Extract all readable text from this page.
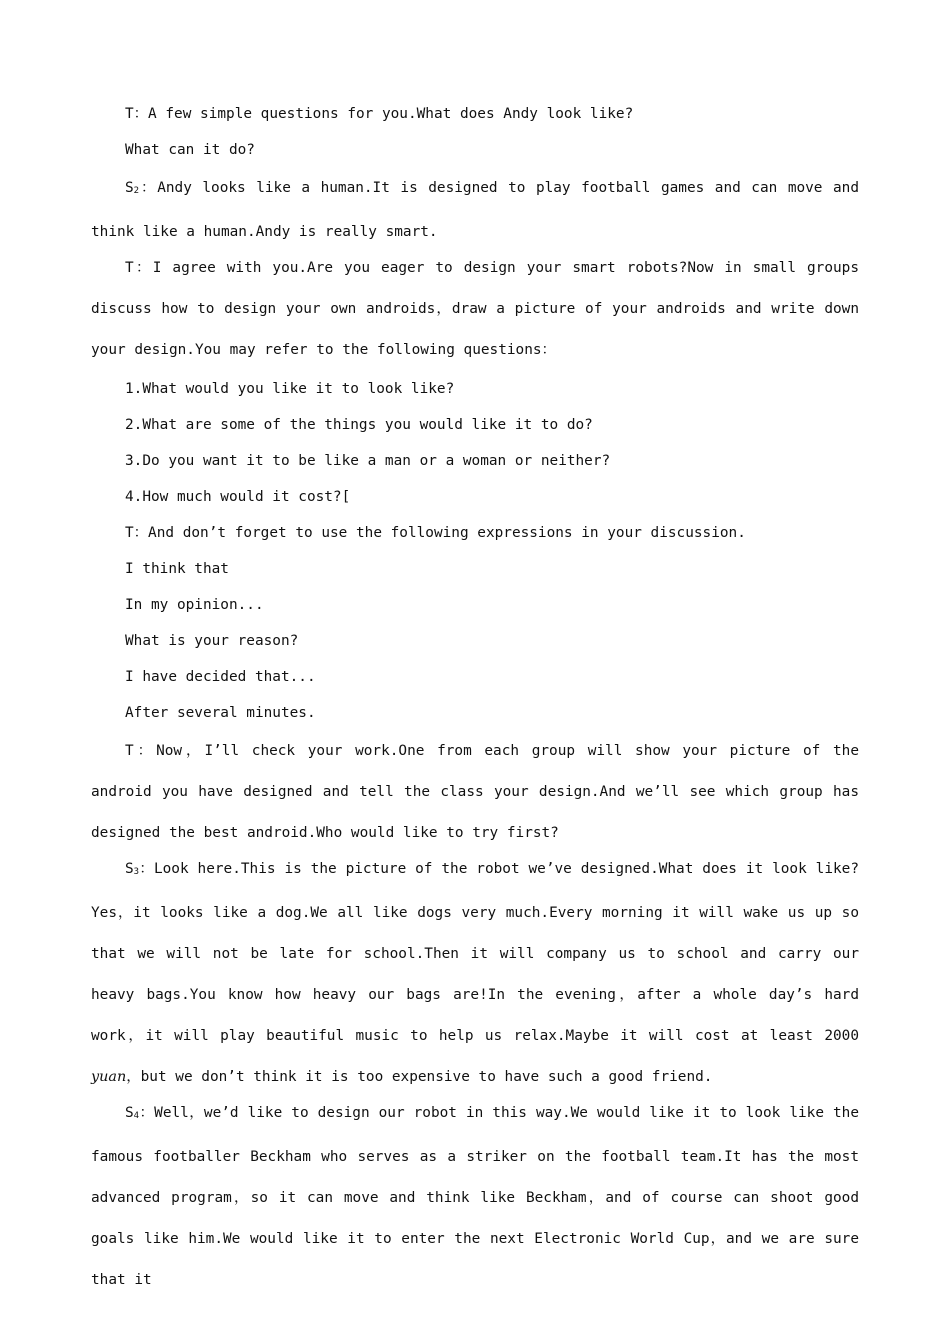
T：A few simple questions for you.What does Andy look like?

What can it do?

$S_2$：Andy looks like a human.It is designed to play football games and can move and think like a human.Andy is really smart.

T：I agree with you.Are you eager to design your smart robots?Now in small groups discuss how to design your own androids，draw a picture of your androids and write down your design.You may refer to the following questions：

1.What would you like it to look like?

2.What are some of the things you would like it to do?

3.Do you want it to be like a man or a woman or neither?

4.How much would it cost?[

T：And don’t forget to use the following expressions in your discussion.

I think that

In my opinion...

What is your reason?

I have decided that...

After several minutes.

T：Now，I’ll check your work.One from each group will show your picture of the android you have designed and tell the class your design.And we’ll see which group has designed the best android.Who would like to try first?

$S_3$：Look here.This is the picture of the robot we’ve designed.What does it look like? Yes，it looks like a dog.We all like dogs very much.Every morning it will wake us up so that we will not be late for school.Then it will company us to school and carry our heavy bags.You know how heavy our bags are!In the evening，after a whole day’s hard work，it will play beautiful music to help us relax.Maybe it will cost at least 2000 yuan，but we don’t think it is too expensive to have such a good friend.

$S_4$：Well，we’d like to design our robot in this way.We would like it to look like the famous footballer Beckham who serves as a striker on the football team.It has the most advanced program，so it can move and think like Beckham，and of course can shoot good goals like him.We would like it to enter the next Electronic World Cup，and we are sure that it
